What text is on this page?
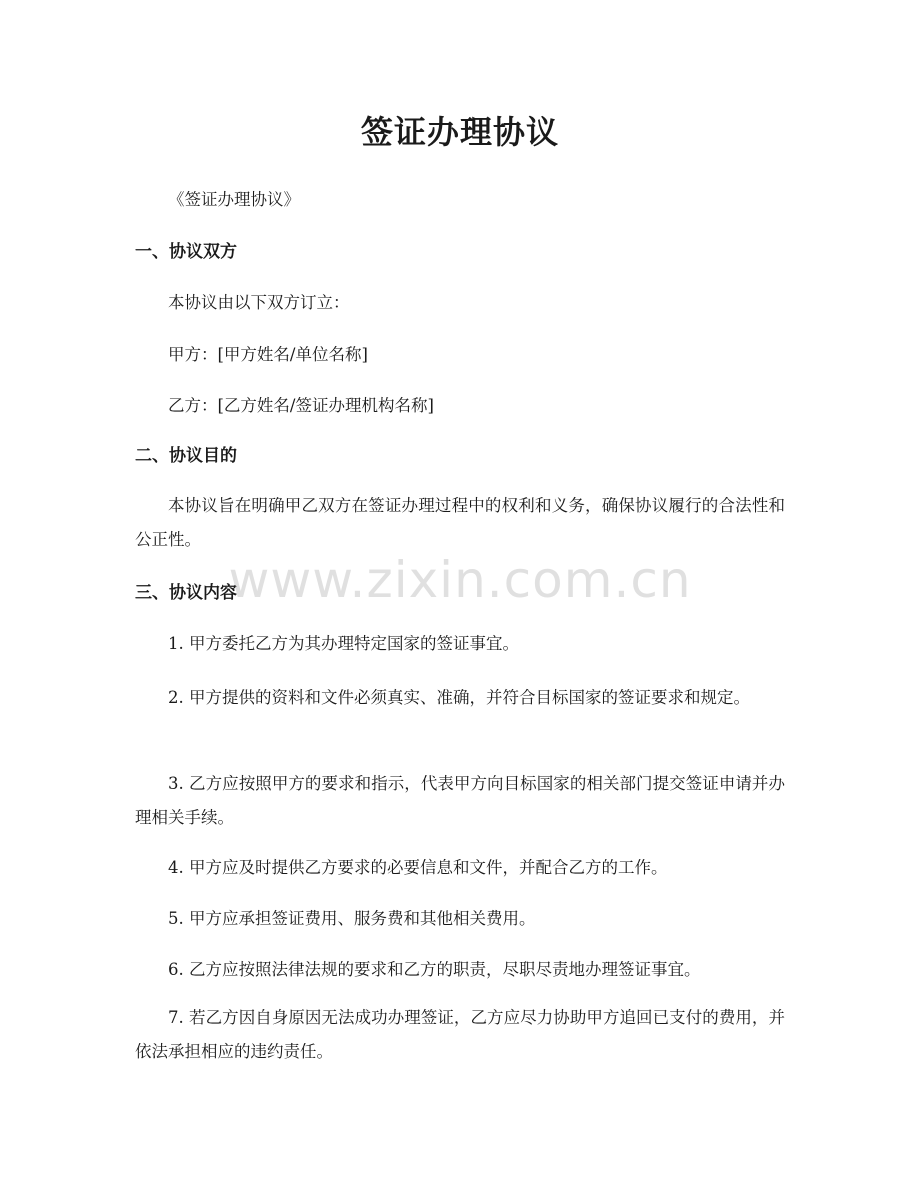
签证办理协议
《签证办理协议》
一、协议双方
本协议由以下双方订立：
甲方：[甲方姓名/单位名称]
乙方：[乙方姓名/签证办理机构名称]
二、协议目的
本协议旨在明确甲乙双方在签证办理过程中的权利和义务，确保协议履行的合法性和公正性。
三、协议内容
1. 甲方委托乙方为其办理特定国家的签证事宜。
2. 甲方提供的资料和文件必须真实、准确，并符合目标国家的签证要求和规定。
3. 乙方应按照甲方的要求和指示，代表甲方向目标国家的相关部门提交签证申请并办理相关手续。
4. 甲方应及时提供乙方要求的必要信息和文件，并配合乙方的工作。
5. 甲方应承担签证费用、服务费和其他相关费用。
6. 乙方应按照法律法规的要求和乙方的职责，尽职尽责地办理签证事宜。
7. 若乙方因自身原因无法成功办理签证，乙方应尽力协助甲方追回已支付的费用，并依法承担相应的违约责任。
www.zixin.com.cn
